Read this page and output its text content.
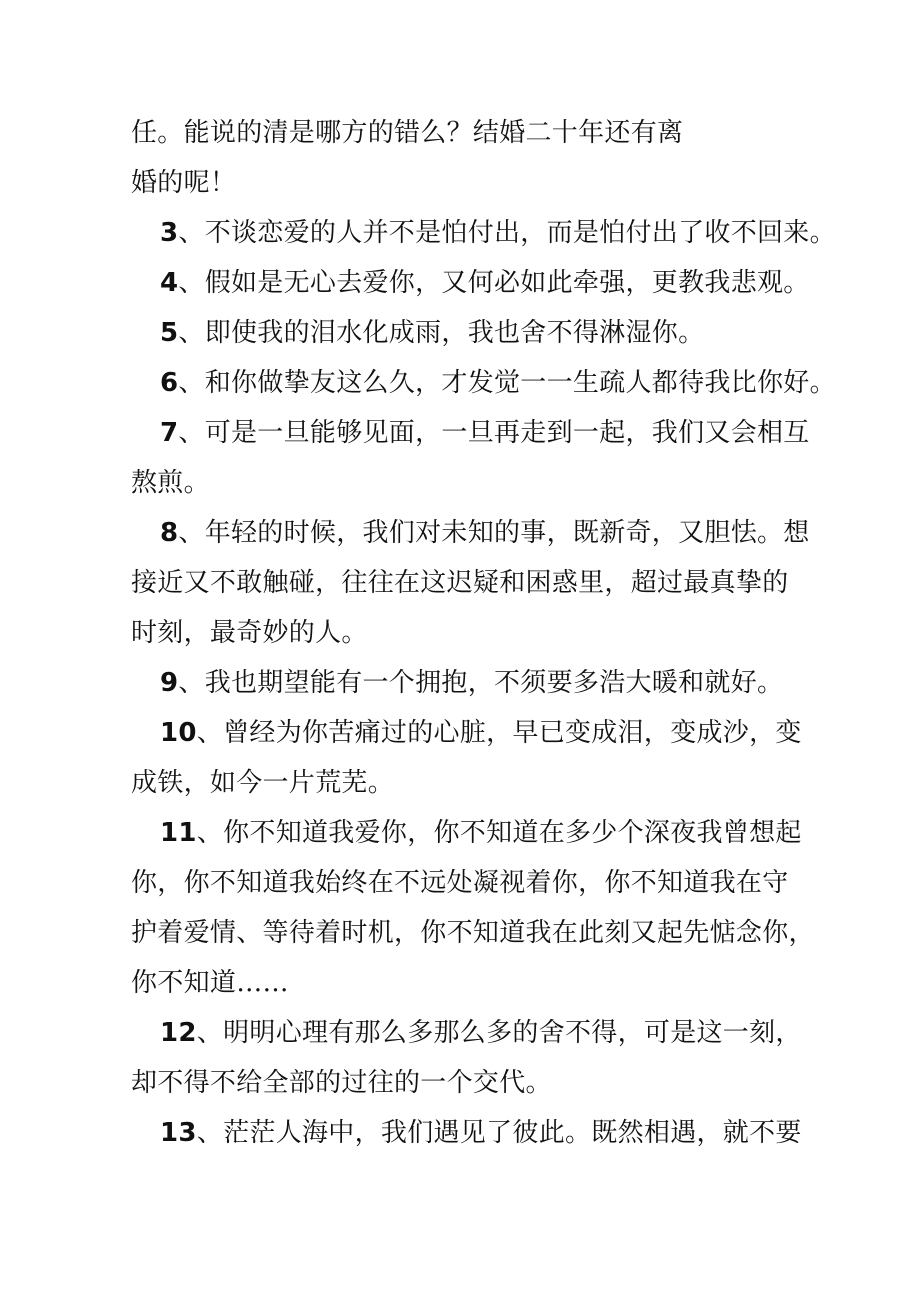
任。能说的清是哪方的错么？结婚二十年还有离
婚的呢！
3、不谈恋爱的人并不是怕付出，而是怕付出了收不回来。
4、假如是无心去爱你，又何必如此牵强，更教我悲观。
5、即使我的泪水化成雨，我也舍不得淋湿你。
6、和你做挚友这么久，才发觉一一生疏人都待我比你好。
7、可是一旦能够见面，一旦再走到一起，我们又会相互
熬煎。
8、年轻的时候，我们对未知的事，既新奇，又胆怯。想
接近又不敢触碰，往往在这迟疑和困惑里，超过最真挚的
时刻，最奇妙的人。
9、我也期望能有一个拥抱，不须要多浩大暖和就好。
10、曾经为你苦痛过的心脏，早已变成泪，变成沙，变
成铁，如今一片荒芜。
11、你不知道我爱你，你不知道在多少个深夜我曾想起
你，你不知道我始终在不远处凝视着你，你不知道我在守
护着爱情、等待着时机，你不知道我在此刻又起先惦念你，
你不知道……
12、明明心理有那么多那么多的舍不得，可是这一刻，
却不得不给全部的过往的一个交代。
13、茫茫人海中，我们遇见了彼此。既然相遇，就不要
